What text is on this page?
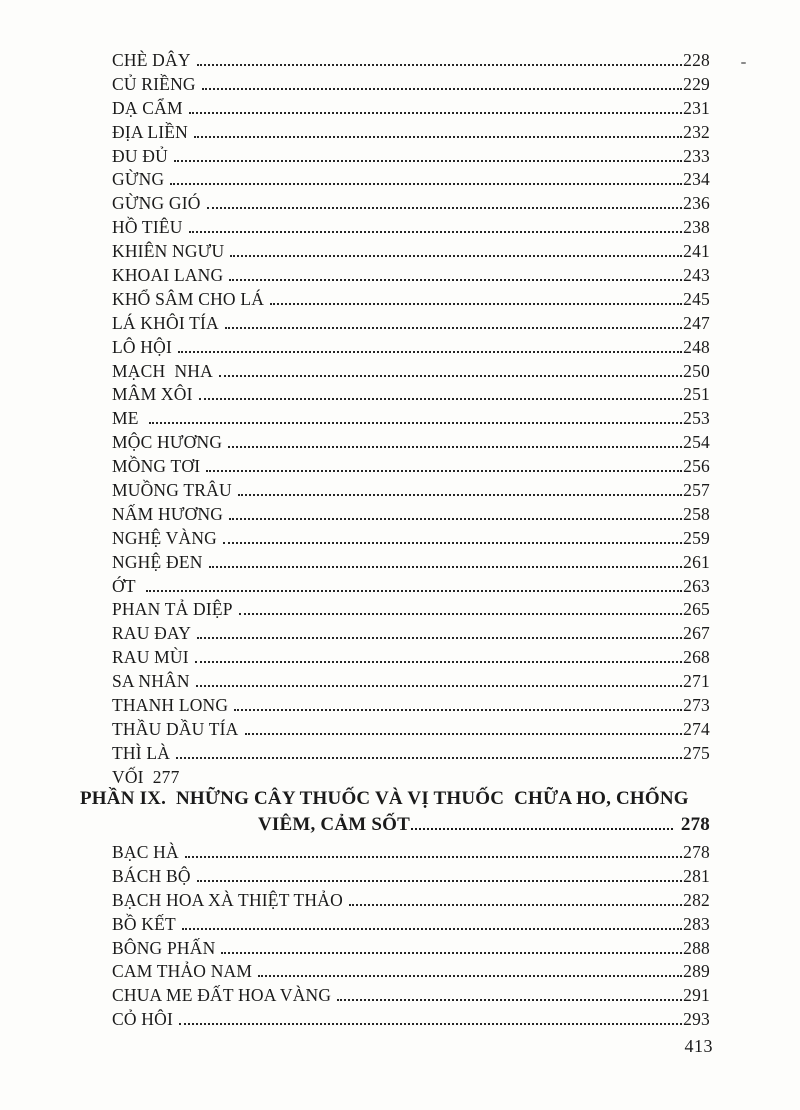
CHÈ DÂY	228
CỦ RIỀNG	229
DẠ CẨM	231
ĐỊA LIỀN	232
ĐU ĐỦ	233
GỪNG	234
GỪNG GIÓ	236
HỒ TIÊU	238
KHIÊN NGƯU	241
KHOAI LANG	243
KHỔ SÂM CHO LÁ	245
LÁ KHÔI TÍA	247
LÔ HỘI	248
MẠCH  NHA	250
MÂM XÔI	251
ME	253
MỘC HƯƠNG	254
MỒNG TƠI	256
MUỒNG TRÂU	257
NẤM HƯƠNG	258
NGHỆ VÀNG	259
NGHỆ ĐEN	261
ỚT	263
PHAN TẢ DIỆP	265
RAU ĐAY	267
RAU MÙI	268
SA NHÂN	271
THANH LONG	273
THẦU DẦU TÍA	274
THÌ LÀ	275
VỐI 277
PHẦN IX.  NHỮNG CÂY THUỐC VÀ VỊ THUỐC  CHỮA HO, CHỐNG
VIÊM, CẢM SỐT	278
BẠC HÀ	278
BÁCH BỘ	281
BẠCH HOA XÀ THIỆT THẢO	282
BỒ KẾT	283
BÔNG PHẤN	288
CAM THẢO NAM	289
CHUA ME ĐẤT HOA VÀNG	291
CỎ HÔI	293
413
